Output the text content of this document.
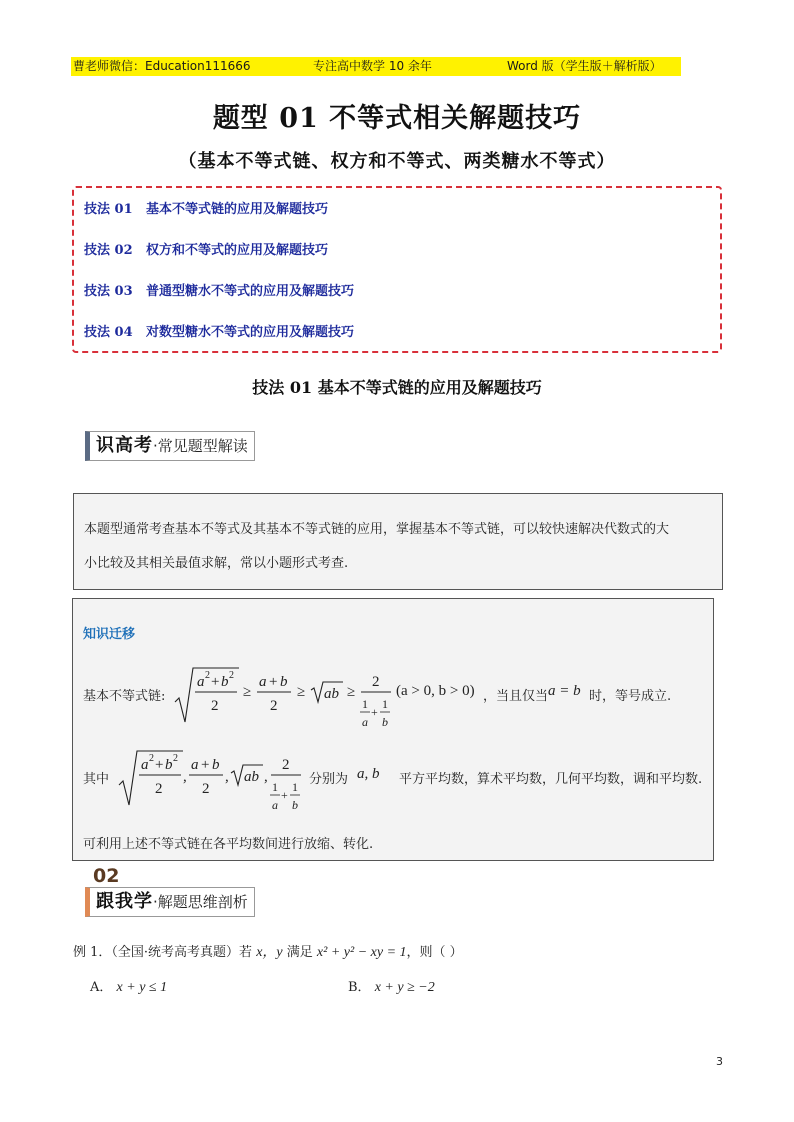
曹老师微信：Education111666	专注高中数学 10 余年	Word 版（学生版＋解析版）
题型 01 不等式相关解题技巧
（基本不等式链、权方和不等式、两类糖水不等式）
技法 01 基本不等式链的应用及解题技巧
技法 02 权方和不等式的应用及解题技巧
技法 03 普通型糖水不等式的应用及解题技巧
技法 04 对数型糖水不等式的应用及解题技巧
技法 01 基本不等式链的应用及解题技巧
01
识高考·常见题型解读
本题型通常考查基本不等式及其基本不等式链的应用，掌握基本不等式链，可以较快速解决代数式的大
小比较及其相关最值求解，常以小题形式考查.
知识迁移
基本不等式链:
a 2 + b 2
2
≥
a + b
2
≥ ab ≥
2
1
a
+
1
b
(a > 0, b > 0) ，当且仅当 a = b 时，等号成立.
其中
a 2 + b 2
2
,
a + b
2
, ab ,
2
1
a
+
1
b
分别为 a, b 平方平均数，算术平均数，几何平均数，调和平均数.
可利用上述不等式链在各平均数间进行放缩、转化.
02
跟我学·解题思维剖析
例 1．（全国·统考高考真题）若 x，y 满足 x² + y² − xy = 1，则（ ）
A． x + y ≤ 1	B． x + y ≥ −2
3
